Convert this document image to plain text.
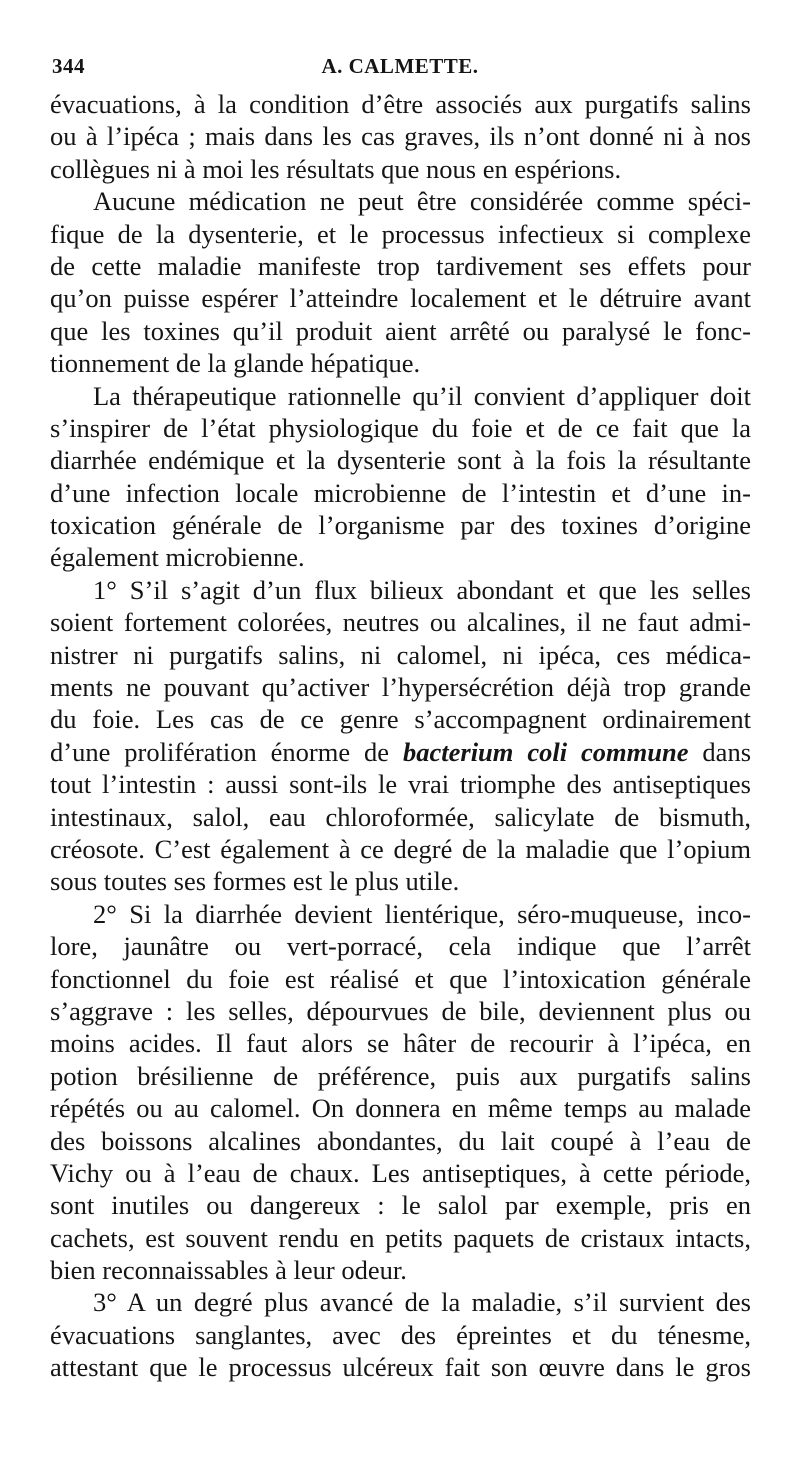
344	A. CALMETTE.
évacuations, à la condition d’être associés aux purgatifs salins
ou à l’ipéca ; mais dans les cas graves, ils n’ont donné ni à nos
collègues ni à moi les résultats que nous en espérions.
Aucune médication ne peut être considérée comme spéci-
fique de la dysenterie, et le processus infectieux si complexe
de cette maladie manifeste trop tardivement ses effets pour
qu’on puisse espérer l’atteindre localement et le détruire avant
que les toxines qu’il produit aient arrêté ou paralysé le fonc-
tionnement de la glande hépatique.
La thérapeutique rationnelle qu’il convient d’appliquer doit
s’inspirer de l’état physiologique du foie et de ce fait que la
diarrhée endémique et la dysenterie sont à la fois la résultante
d’une infection locale microbienne de l’intestin et d’une in-
toxication générale de l’organisme par des toxines d’origine
également microbienne.
1° S’il s’agit d’un flux bilieux abondant et que les selles
soient fortement colorées, neutres ou alcalines, il ne faut admi-
nistrer ni purgatifs salins, ni calomel, ni ipéca, ces médica-
ments ne pouvant qu’activer l’hypersécrétion déjà trop grande
du foie. Les cas de ce genre s’accompagnent ordinairement
d’une prolifération énorme de bacterium coli commune dans
tout l’intestin : aussi sont-ils le vrai triomphe des antiseptiques
intestinaux, salol, eau chloroformée, salicylate de bismuth,
créosote. C’est également à ce degré de la maladie que l’opium
sous toutes ses formes est le plus utile.
2° Si la diarrhée devient lientérique, séro-muqueuse, inco-
lore, jaunâtre ou vert-porracé, cela indique que l’arrêt
fonctionnel du foie est réalisé et que l’intoxication générale
s’aggrave : les selles, dépourvues de bile, deviennent plus ou
moins acides. Il faut alors se hâter de recourir à l’ipéca, en
potion brésilienne de préférence, puis aux purgatifs salins
répétés ou au calomel. On donnera en même temps au malade
des boissons alcalines abondantes, du lait coupé à l’eau de
Vichy ou à l’eau de chaux. Les antiseptiques, à cette période,
sont inutiles ou dangereux : le salol par exemple, pris en
cachets, est souvent rendu en petits paquets de cristaux intacts,
bien reconnaissables à leur odeur.
3° A un degré plus avancé de la maladie, s’il survient des
évacuations sanglantes, avec des épreintes et du ténesme,
attestant que le processus ulcéreux fait son œuvre dans le gros
